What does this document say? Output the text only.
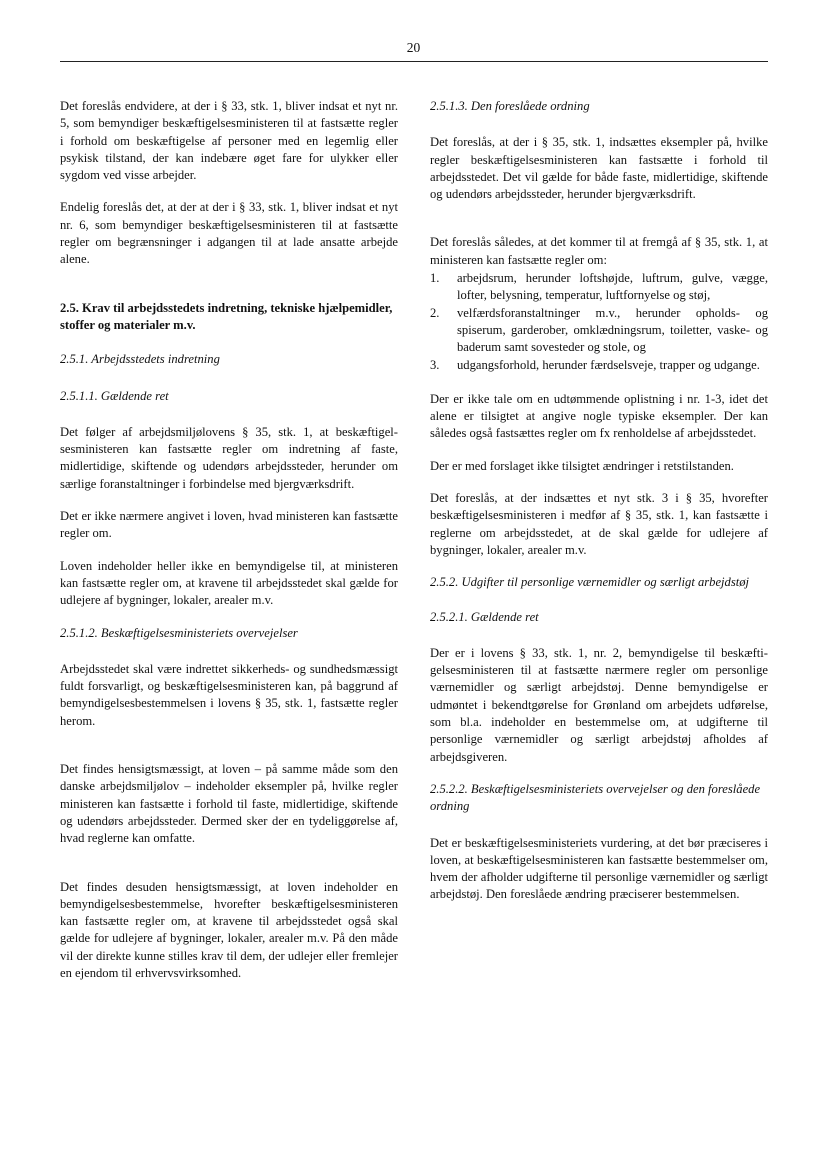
20

Det foreslås endvidere, at der i § 33, stk. 1, bliver indsat et nyt nr. 5, som bemyndiger beskæftigelsesministeren til at fastsætte regler i forhold om beskæftigelse af personer med en legemlig eller psykisk tilstand, der kan indebære øget fare for ulykker eller sygdom ved visse arbejder.

Endelig foreslås det, at der at der i § 33, stk. 1, bliver indsat et nyt nr. 6, som bemyndiger beskæftigelsesministeren til at fastsætte regler om begrænsninger i adgangen til at lade ansatte arbejde alene.

2.5. Krav til arbejdsstedets indretning, tekniske hjælpemidler, stoffer og materialer m.v.

2.5.1. Arbejdsstedets indretning

2.5.1.1. Gældende ret

Det følger af arbejdsmiljølovens § 35, stk. 1, at beskæftigelsesministeren kan fastsætte regler om indretning af faste, midlertidige, skiftende og udendørs arbejdssteder, herunder om særlige foranstaltninger i forbindelse med bjergværksdrift.

Det er ikke nærmere angivet i loven, hvad ministeren kan fastsætte regler om.

Loven indeholder heller ikke en bemyndigelse til, at ministeren kan fastsætte regler om, at kravene til arbejdsstedet skal gælde for udlejere af bygninger, lokaler, arealer m.v.

2.5.1.2. Beskæftigelsesministeriets overvejelser

Arbejdsstedet skal være indrettet sikkerheds- og sundhedsmæssigt fuldt forsvarligt, og beskæftigelsesministeren kan, på baggrund af bemyndigelsesbestemmelsen i lovens § 35, stk. 1, fastsætte regler herom.

Det findes hensigtsmæssigt, at loven – på samme måde som den danske arbejdsmiljølov – indeholder eksempler på, hvilke regler ministeren kan fastsætte i forhold til faste, midlertidige, skiftende og udendørs arbejdssteder. Dermed sker der en tydeliggørelse af, hvad reglerne kan omfatte.

Det findes desuden hensigtsmæssigt, at loven indeholder en bemyndigelsesbestemmelse, hvorefter beskæftigelsesministeren kan fastsætte regler om, at kravene til arbejdsstedet også skal gælde for udlejere af bygninger, lokaler, arealer m.v. På den måde vil der direkte kunne stilles krav til dem, der udlejer eller fremlejer en ejendom til erhvervsvirksomhed.

2.5.1.3. Den foreslåede ordning

Det foreslås, at der i § 35, stk. 1, indsættes eksempler på, hvilke regler beskæftigelsesministeren kan fastsætte i forhold til arbejdsstedet. Det vil gælde for både faste, midlertidige, skiftende og udendørs arbejdssteder, herunder bjergværksdrift.

Det foreslås således, at det kommer til at fremgå af § 35, stk. 1, at ministeren kan fastsætte regler om:

1. arbejdsrum, herunder loftshøjde, luftrum, gulve, vægge, lofter, belysning, temperatur, luftfornyelse og støj,
2. velfærdsforanstaltninger m.v., herunder opholds- og spiserum, garderober, omklædningsrum, toiletter, vaske- og baderum samt sovesteder og stole, og
3. udgangsforhold, herunder færdselsveje, trapper og udgange.

Der er ikke tale om en udtømmende oplistning i nr. 1-3, idet det alene er tilsigtet at angive nogle typiske eksempler. Der kan således også fastsættes regler om fx renholdelse af arbejdsstedet.

Der er med forslaget ikke tilsigtet ændringer i retstilstanden.

Det foreslås, at der indsættes et nyt stk. 3 i § 35, hvorefter beskæftigelsesministeren i medfør af § 35, stk. 1, kan fastsætte i reglerne om arbejdsstedet, at de skal gælde for udlejere af bygninger, lokaler, arealer m.v.

2.5.2. Udgifter til personlige værnemidler og særligt arbejdstøj

2.5.2.1. Gældende ret

Der er i lovens § 33, stk. 1, nr. 2, bemyndigelse til beskæftigelsesministeren til at fastsætte nærmere regler om personlige værnemidler og særligt arbejdstøj. Denne bemyndigelse er udmøntet i bekendtgørelse for Grønland om arbejdets udførelse, som bl.a. indeholder en bestemmelse om, at udgifterne til personlige værnemidler og særligt arbejdstøj afholdes af arbejdsgiveren.

2.5.2.2. Beskæftigelsesministeriets overvejelser og den foreslåede ordning

Det er beskæftigelsesministeriets vurdering, at det bør præciseres i loven, at beskæftigelsesministeren kan fastsætte bestemmelser om, hvem der afholder udgifterne til personlige værnemidler og særligt arbejdstøj. Den foreslåede ændring præciserer bestemmelsen.
